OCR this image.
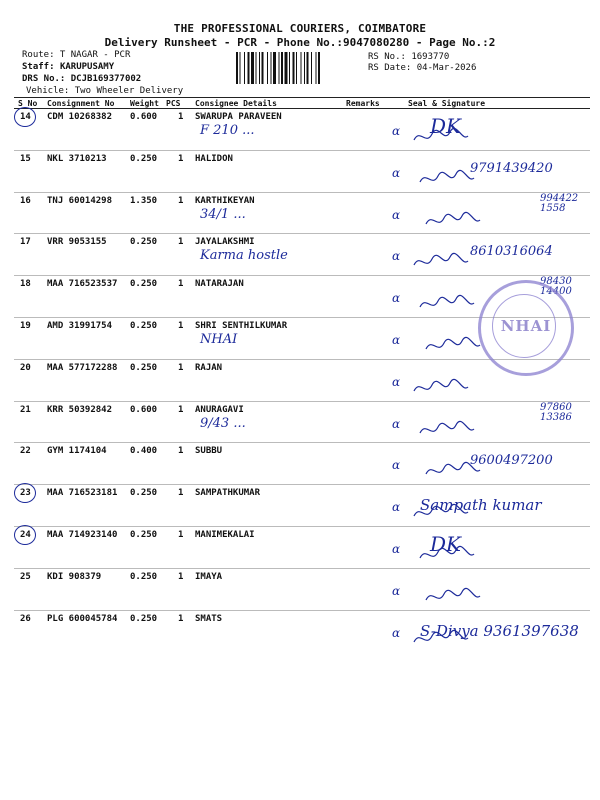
THE PROFESSIONAL COURIERS, COIMBATORE
Delivery Runsheet - PCR - Phone No.:9047080280 - Page No.:2
Route: T NAGAR - PCR
Staff: KARUPUSAMY
DRS No.: DCJB169377002
Vehicle: Two Wheeler Delivery
RS No.: 1693770
RS Date: 04-Mar-2026
S No Consignment No Weight PCS Consignee Details	Remarks	Seal & Signature
14 CDM 10268382 0.600 1 SWARUPA PARAVEEN
F 210 ...	DK
α
15 NKL 3710213	0.250 1 HALIDON
9791439420
α
16 TNJ 60014298 1.350 1 KARTHIKEYAN
34/1 ...
994422 1558
α
17 VRR 9053155	0.250 1 JAYALAKSHMI
Karma hostle	8610316064
α
18 MAA 716523537 0.250 1 NATARAJAN	98430 14400
α
19 AMD 31991754 0.250 1 SHRI SENTHILKUMAR
NHAI	α
20 MAA 577172288 0.250 1 RAJAN
α
21 KRR 50392842 0.600 1 ANURAGAVI
9/43 ...
97860 13386
α
22 GYM 1174104	0.400 1 SUBBU
9600497200
α
23 MAA 716523181 0.250 1 SAMPATHKUMAR
Sampath kumar
α
24 MAA 714923140 0.250 1 MANIMEKALAI	DK
α
25 KDI 908379	0.250 1 IMAYA
α
26 PLG 600045784 0.250 1 SMATS
S-Divya 9361397638
α
NHAI
